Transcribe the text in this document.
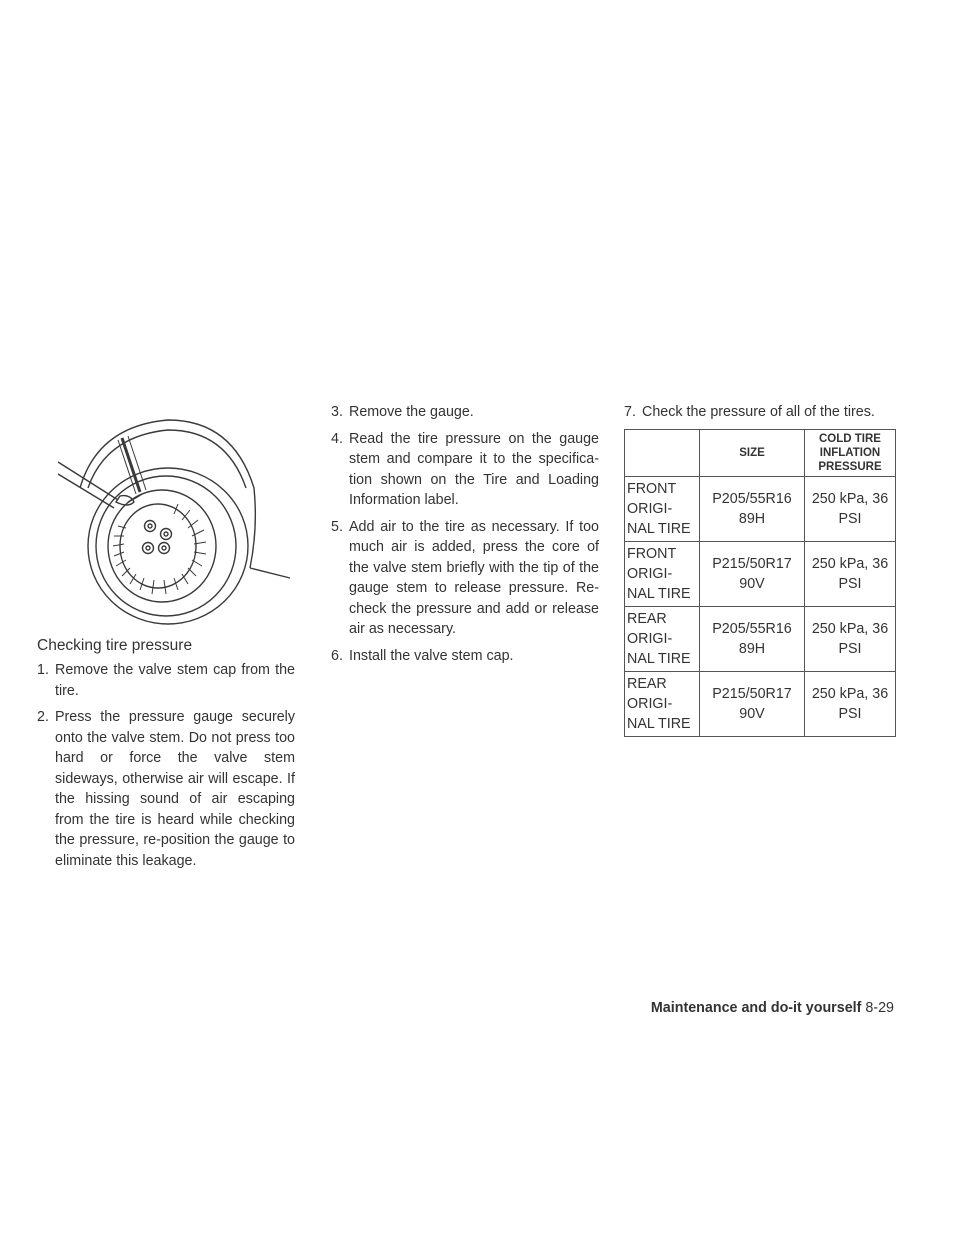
Checking tire pressure
1. Remove the valve stem cap from the tire.
2. Press the pressure gauge securely onto the valve stem. Do not press too hard or force the valve stem sideways, otherwise air will escape. If the hissing sound of air escaping from the tire is heard while checking the pressure, re-position the gauge to eliminate this leakage.
3. Remove the gauge.
4. Read the tire pressure on the gauge stem and compare it to the specifica-tion shown on the Tire and Loading Information label.
5. Add air to the tire as necessary. If too much air is added, press the core of the valve stem briefly with the tip of the gauge stem to release pressure. Re-check the pressure and add or release air as necessary.
6. Install the valve stem cap.
7. Check the pressure of all of the tires.
	SIZE	COLD TIRE INFLATION PRESSURE
FRONT ORIGI-NAL TIRE	P205/55R16 89H	250 kPa, 36 PSI
FRONT ORIGI-NAL TIRE	P215/50R17 90V	250 kPa, 36 PSI
REAR ORIGI-NAL TIRE	P205/55R16 89H	250 kPa, 36 PSI
REAR ORIGI-NAL TIRE	P215/50R17 90V	250 kPa, 36 PSI
Maintenance and do-it yourself 8-29
